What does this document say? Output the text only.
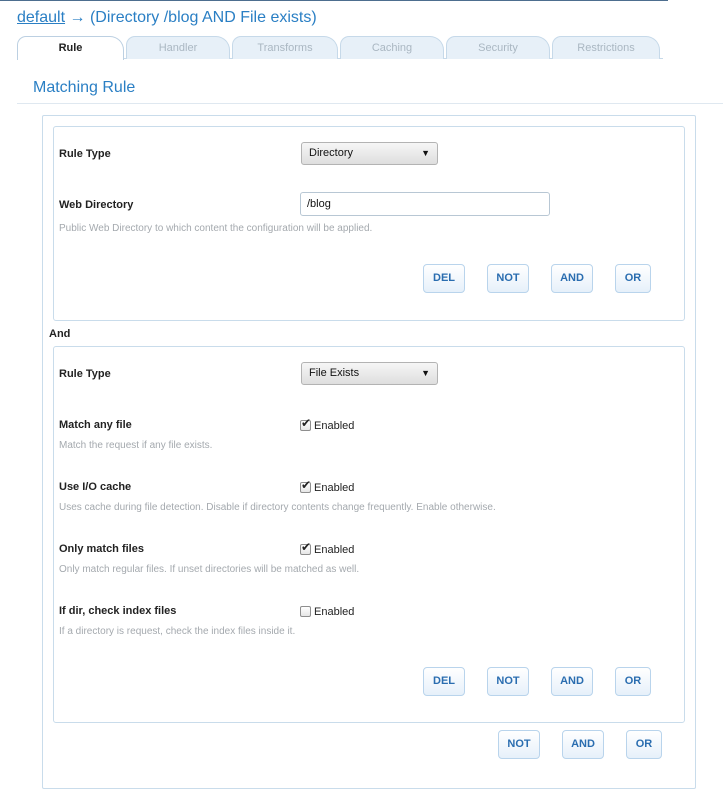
default → (Directory /blog AND File exists)
Rule	Handler	Transforms	Caching	Security	Restrictions
Matching Rule
Rule Type	Directory	▼
Web Directory
/blog
Public Web Directory to which content the configuration will be applied.
DEL	NOT	AND	OR
And
Rule Type	File Exists	▼
Match any file	✔ Enabled
Match the request if any file exists.
Use I/O cache	✔ Enabled
Uses cache during file detection. Disable if directory contents change frequently. Enable otherwise.
Only match files	✔ Enabled
Only match regular files. If unset directories will be matched as well.
If dir, check index files	Enabled
If a directory is request, check the index files inside it.
DEL	NOT	AND	OR
NOT	AND	OR
